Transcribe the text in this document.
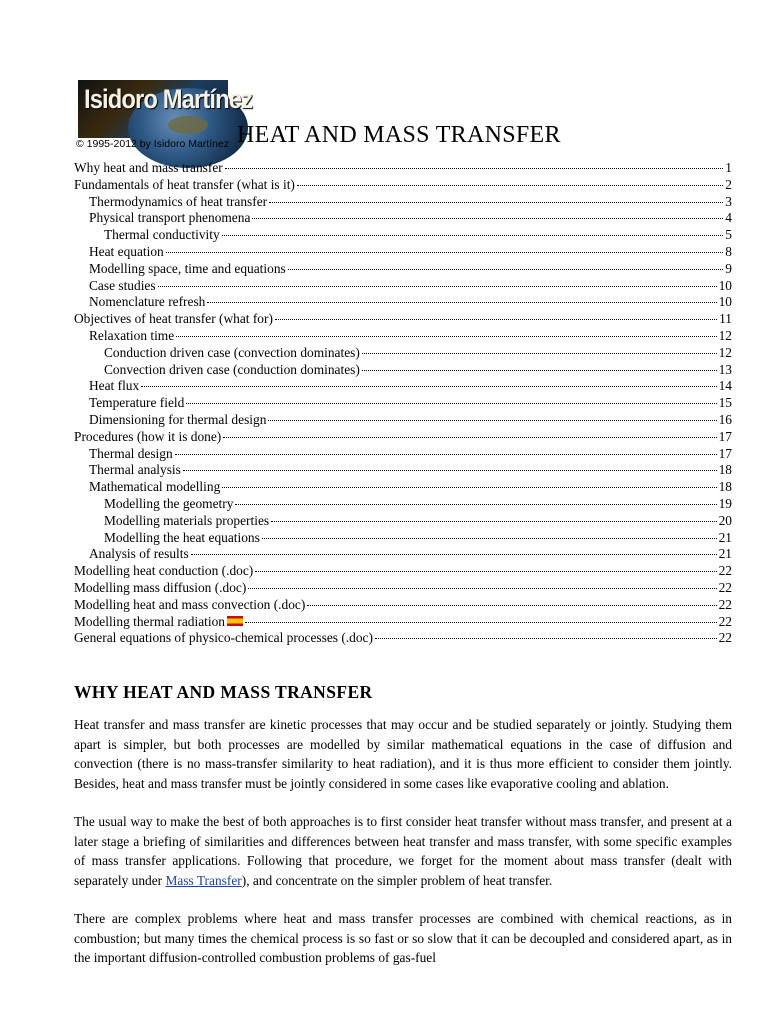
Isidoro Martínez
© 1995-2012 by Isidoro Martínez HEAT AND MASS TRANSFER
Why heat and mass transfer	1
Fundamentals of heat transfer (what is it)	2
Thermodynamics of heat transfer	3
Physical transport phenomena	4
Thermal conductivity	5
Heat equation	8
Modelling space, time and equations	9
Case studies	10
Nomenclature refresh	10
Objectives of heat transfer (what for)	11
Relaxation time	12
Conduction driven case (convection dominates)	12
Convection driven case (conduction dominates)	13
Heat flux	14
Temperature field	15
Dimensioning for thermal design	16
Procedures (how it is done)	17
Thermal design	17
Thermal analysis	18
Mathematical modelling	18
Modelling the geometry	19
Modelling materials properties	20
Modelling the heat equations	21
Analysis of results	21
Modelling heat conduction (.doc)	22
Modelling mass diffusion (.doc)	22
Modelling heat and mass convection (.doc)	22
Modelling thermal radiation	22
General equations of physico-chemical processes (.doc)	22
WHY HEAT AND MASS TRANSFER

Heat transfer and mass transfer are kinetic processes that may occur and be studied separately or jointly. Studying them apart is simpler, but both processes are modelled by similar mathematical equations in the case of diffusion and convection (there is no mass-transfer similarity to heat radiation), and it is thus more efficient to consider them jointly. Besides, heat and mass transfer must be jointly considered in some cases like evaporative cooling and ablation.

The usual way to make the best of both approaches is to first consider heat transfer without mass transfer, and present at a later stage a briefing of similarities and differences between heat transfer and mass transfer, with some specific examples of mass transfer applications. Following that procedure, we forget for the moment about mass transfer (dealt with separately under Mass Transfer), and concentrate on the simpler problem of heat transfer.

There are complex problems where heat and mass transfer processes are combined with chemical reactions, as in combustion; but many times the chemical process is so fast or so slow that it can be decoupled and considered apart, as in the important diffusion-controlled combustion problems of gas-fuel
